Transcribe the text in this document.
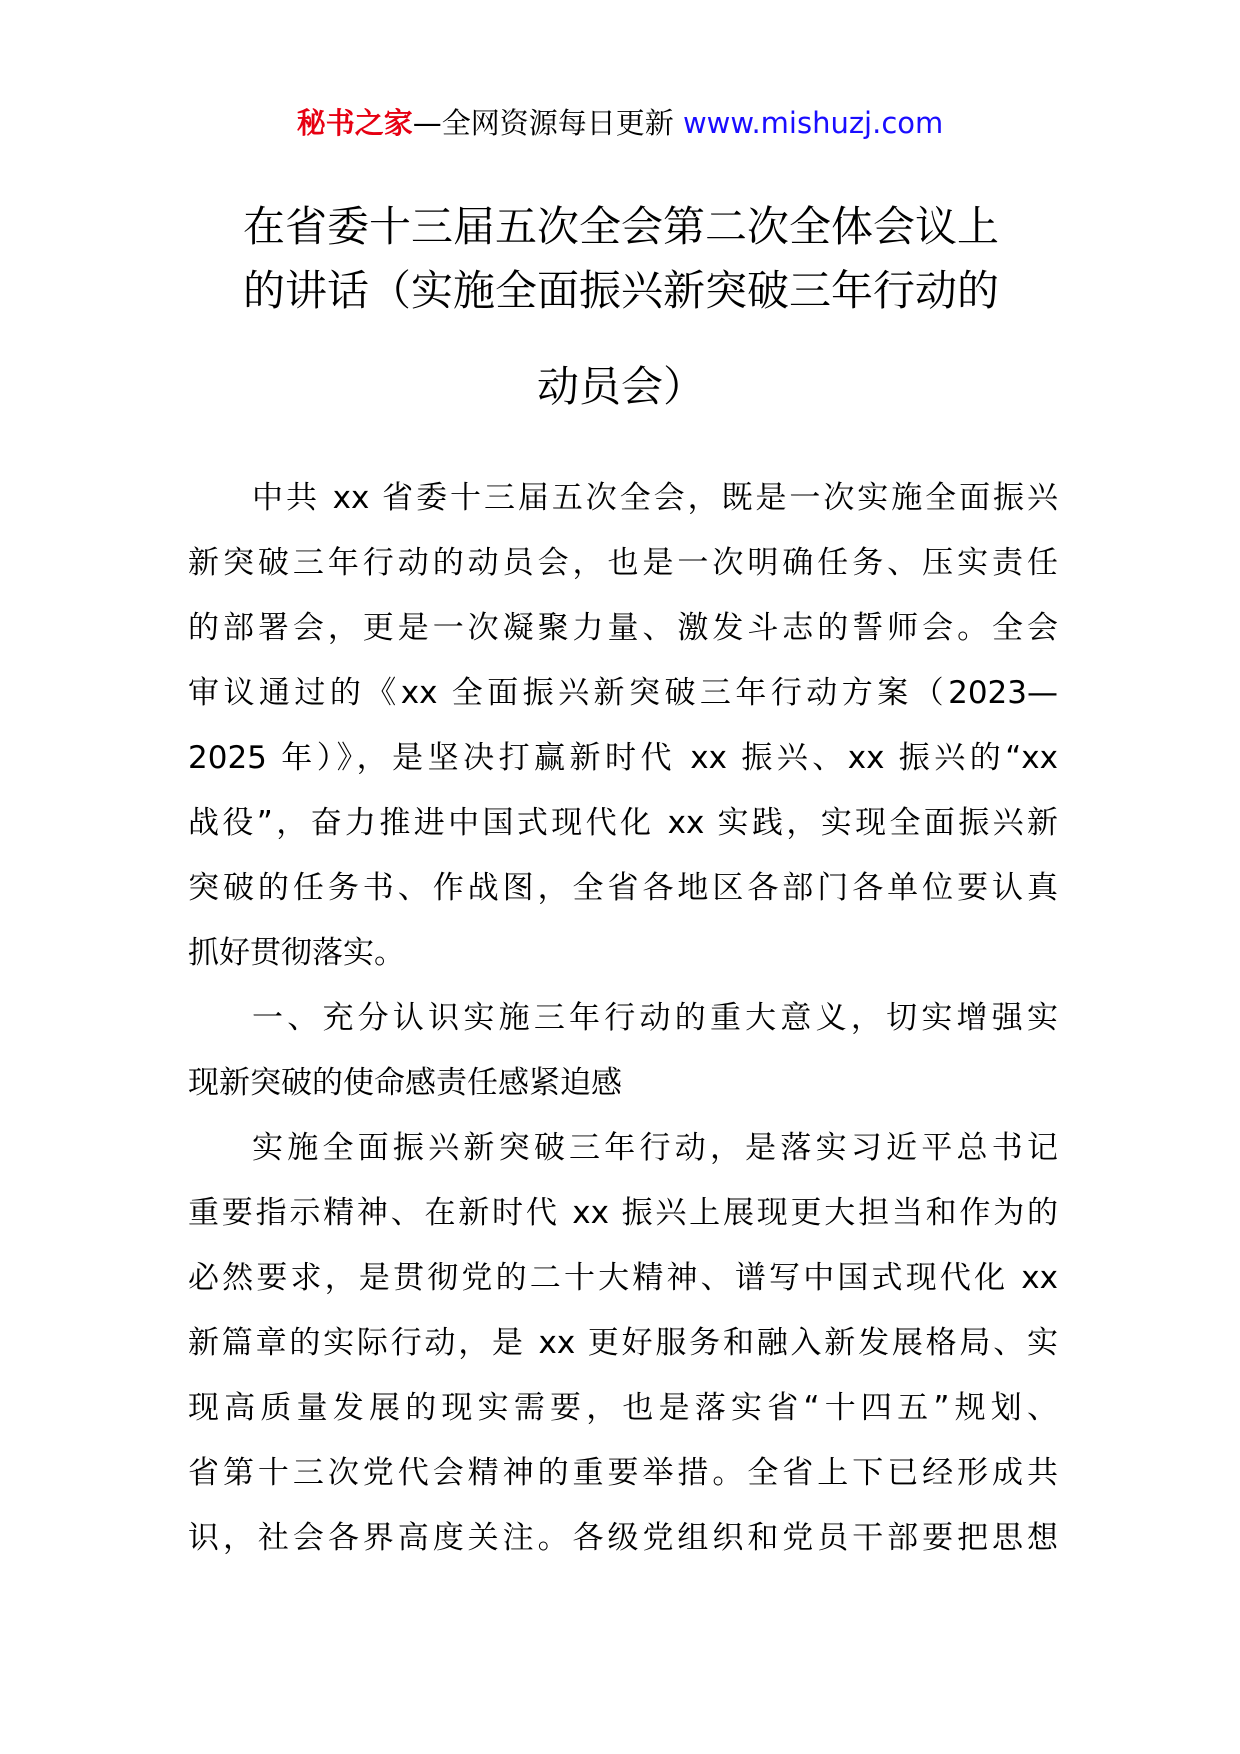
秘书之家—全网资源每日更新 www.mishuzj.com
在省委十三届五次全会第二次全体会议上
的讲话（实施全面振兴新突破三年行动的
动员会）
中共 xx 省委十三届五次全会，既是一次实施全面振兴
新突破三年行动的动员会，也是一次明确任务、压实责任
的部署会，更是一次凝聚力量、激发斗志的誓师会。全会
审议通过的《xx 全面振兴新突破三年行动方案（2023—
2025 年）》，是坚决打赢新时代 xx 振兴、xx 振兴的“xx
战役”，奋力推进中国式现代化 xx 实践，实现全面振兴新
突破的任务书、作战图，全省各地区各部门各单位要认真
抓好贯彻落实。
一、充分认识实施三年行动的重大意义，切实增强实
现新突破的使命感责任感紧迫感
实施全面振兴新突破三年行动，是落实习近平总书记
重要指示精神、在新时代 xx 振兴上展现更大担当和作为的
必然要求，是贯彻党的二十大精神、谱写中国式现代化 xx
新篇章的实际行动，是 xx 更好服务和融入新发展格局、实
现高质量发展的现实需要，也是落实省“十四五”规划、
省第十三次党代会精神的重要举措。全省上下已经形成共
识，社会各界高度关注。各级党组织和党员干部要把思想
